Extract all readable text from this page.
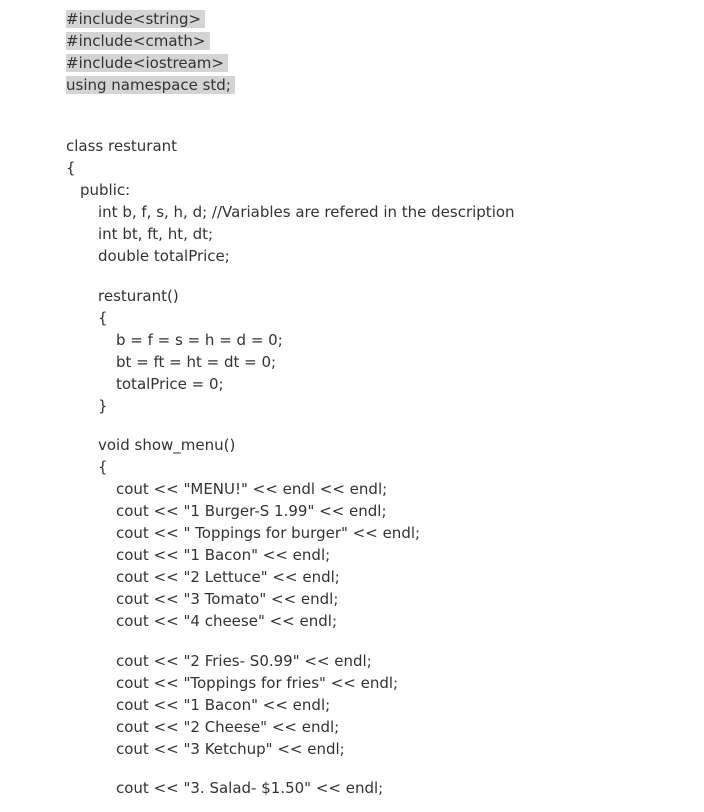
#include<string>
#include<cmath>
#include<iostream>
using namespace std;
class resturant
{
public:
int b, f, s, h, d; //Variables are refered in the description
int bt, ft, ht, dt;
double totalPrice;
resturant()
{
b = f = s = h = d = 0;
bt = ft = ht = dt = 0;
totalPrice = 0;
}
void show_menu()
{
cout << "MENU!" << endl << endl;
cout << "1 Burger-S 1.99" << endl;
cout << " Toppings for burger" << endl;
cout << "1 Bacon" << endl;
cout << "2 Lettuce" << endl;
cout << "3 Tomato" << endl;
cout << "4 cheese" << endl;
cout << "2 Fries- S0.99" << endl;
cout << "Toppings for fries" << endl;
cout << "1 Bacon" << endl;
cout << "2 Cheese" << endl;
cout << "3 Ketchup" << endl;
cout << "3. Salad- $1.50" << endl;
